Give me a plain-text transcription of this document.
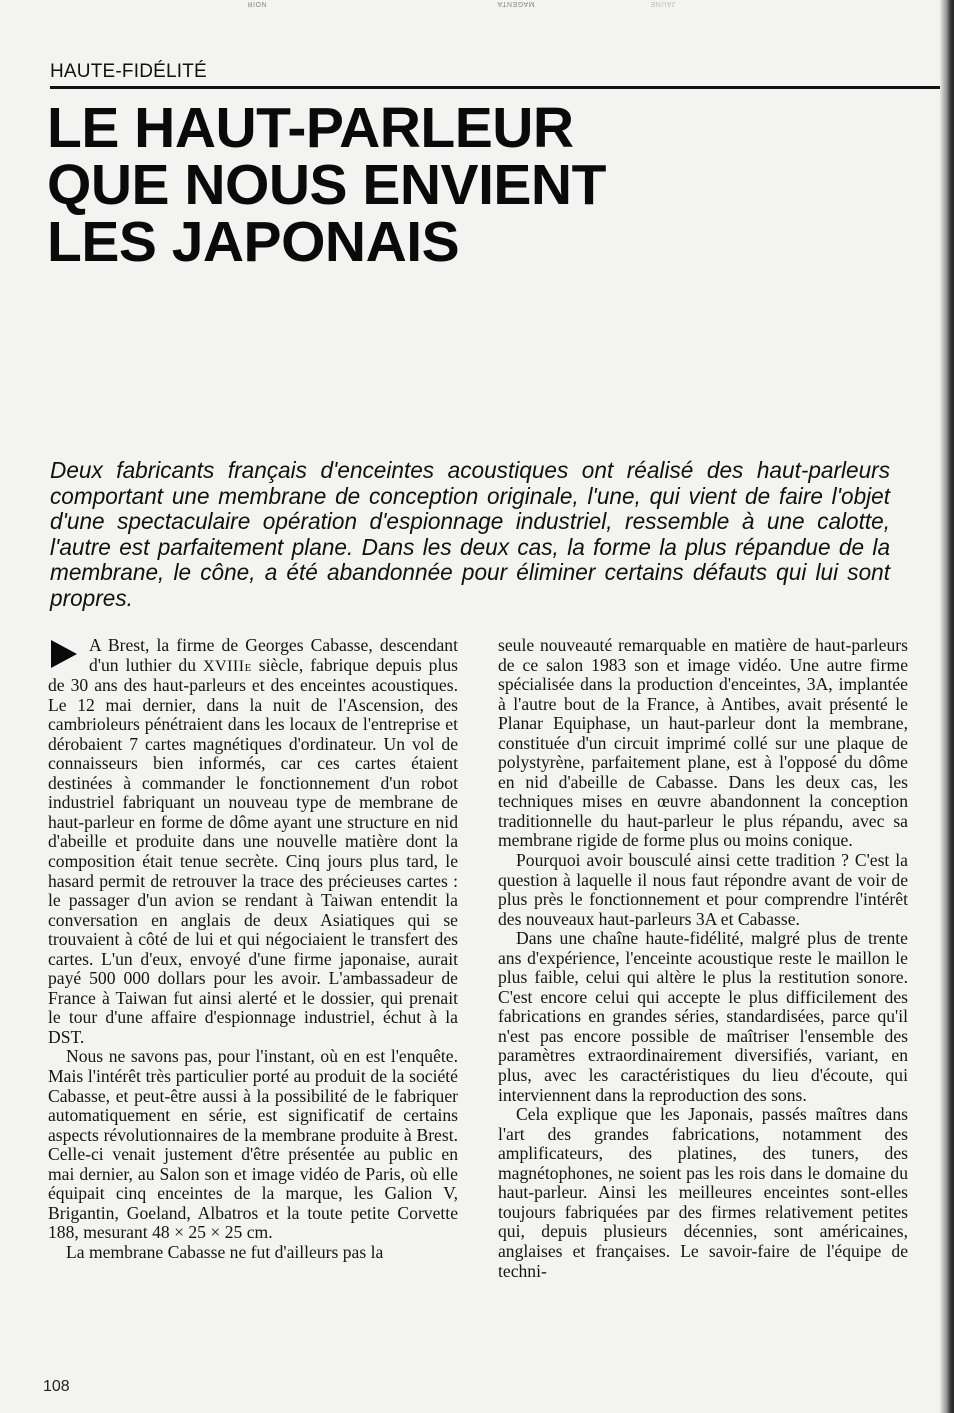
NOIR	MAGENTA	JAUNE
HAUTE-FIDÉLITÉ
LE HAUT-PARLEUR
QUE NOUS ENVIENT
LES JAPONAIS

Deux fabricants français d'enceintes acoustiques ont réalisé des haut-parleurs comportant une membrane de conception originale, l'une, qui vient de faire l'objet d'une spectaculaire opération d'espionnage industriel, ressemble à une calotte, l'autre est parfaitement plane. Dans les deux cas, la forme la plus répandue de la membrane, le cône, a été abandonnée pour éliminer certains défauts qui lui sont propres.

A Brest, la firme de Georges Cabasse, descendant d'un luthier du XVIIIe siècle, fabrique depuis plus de 30 ans des haut-parleurs et des enceintes acoustiques. Le 12 mai dernier, dans la nuit de l'Ascension, des cambrioleurs pénétraient dans les locaux de l'entreprise et dérobaient 7 cartes magnétiques d'ordinateur. Un vol de connaisseurs bien informés, car ces cartes étaient destinées à commander le fonctionnement d'un robot industriel fabriquant un nouveau type de membrane de haut-parleur en forme de dôme ayant une structure en nid d'abeille et produite dans une nouvelle matière dont la composition était tenue secrète. Cinq jours plus tard, le hasard permit de retrouver la trace des précieuses cartes : le passager d'un avion se rendant à Taiwan entendit la conversation en anglais de deux Asiatiques qui se trouvaient à côté de lui et qui négociaient le transfert des cartes. L'un d'eux, envoyé d'une firme japonaise, aurait payé 500 000 dollars pour les avoir. L'ambassadeur de France à Taiwan fut ainsi alerté et le dossier, qui prenait le tour d'une affaire d'espionnage industriel, échut à la DST.

Nous ne savons pas, pour l'instant, où en est l'enquête. Mais l'intérêt très particulier porté au produit de la société Cabasse, et peut-être aussi à la possibilité de le fabriquer automatiquement en série, est significatif de certains aspects révolutionnaires de la membrane produite à Brest. Celle-ci venait justement d'être présentée au public en mai dernier, au Salon son et image vidéo de Paris, où elle équipait cinq enceintes de la marque, les Galion V, Brigantin, Goeland, Albatros et la toute petite Corvette 188, mesurant 48 × 25 × 25 cm.

La membrane Cabasse ne fut d'ailleurs pas la

seule nouveauté remarquable en matière de haut-parleurs de ce salon 1983 son et image vidéo. Une autre firme spécialisée dans la production d'enceintes, 3A, implantée à l'autre bout de la France, à Antibes, avait présenté le Planar Equiphase, un haut-parleur dont la membrane, constituée d'un circuit imprimé collé sur une plaque de polystyrène, parfaitement plane, est à l'opposé du dôme en nid d'abeille de Cabasse. Dans les deux cas, les techniques mises en œuvre abandonnent la conception traditionnelle du haut-parleur le plus répandu, avec sa membrane rigide de forme plus ou moins conique.

Pourquoi avoir bousculé ainsi cette tradition ? C'est la question à laquelle il nous faut répondre avant de voir de plus près le fonctionnement et pour comprendre l'intérêt des nouveaux haut-parleurs 3A et Cabasse.

Dans une chaîne haute-fidélité, malgré plus de trente ans d'expérience, l'enceinte acoustique reste le maillon le plus faible, celui qui altère le plus la restitution sonore. C'est encore celui qui accepte le plus difficilement des fabrications en grandes séries, standardisées, parce qu'il n'est pas encore possible de maîtriser l'ensemble des paramètres extraordinairement diversifiés, variant, en plus, avec les caractéristiques du lieu d'écoute, qui interviennent dans la reproduction des sons.

Cela explique que les Japonais, passés maîtres dans l'art des grandes fabrications, notamment des amplificateurs, des platines, des tuners, des magnétophones, ne soient pas les rois dans le domaine du haut-parleur. Ainsi les meilleures enceintes sont-elles toujours fabriquées par des firmes relativement petites qui, depuis plusieurs décennies, sont américaines, anglaises et françaises. Le savoir-faire de l'équipe de techni-

108
